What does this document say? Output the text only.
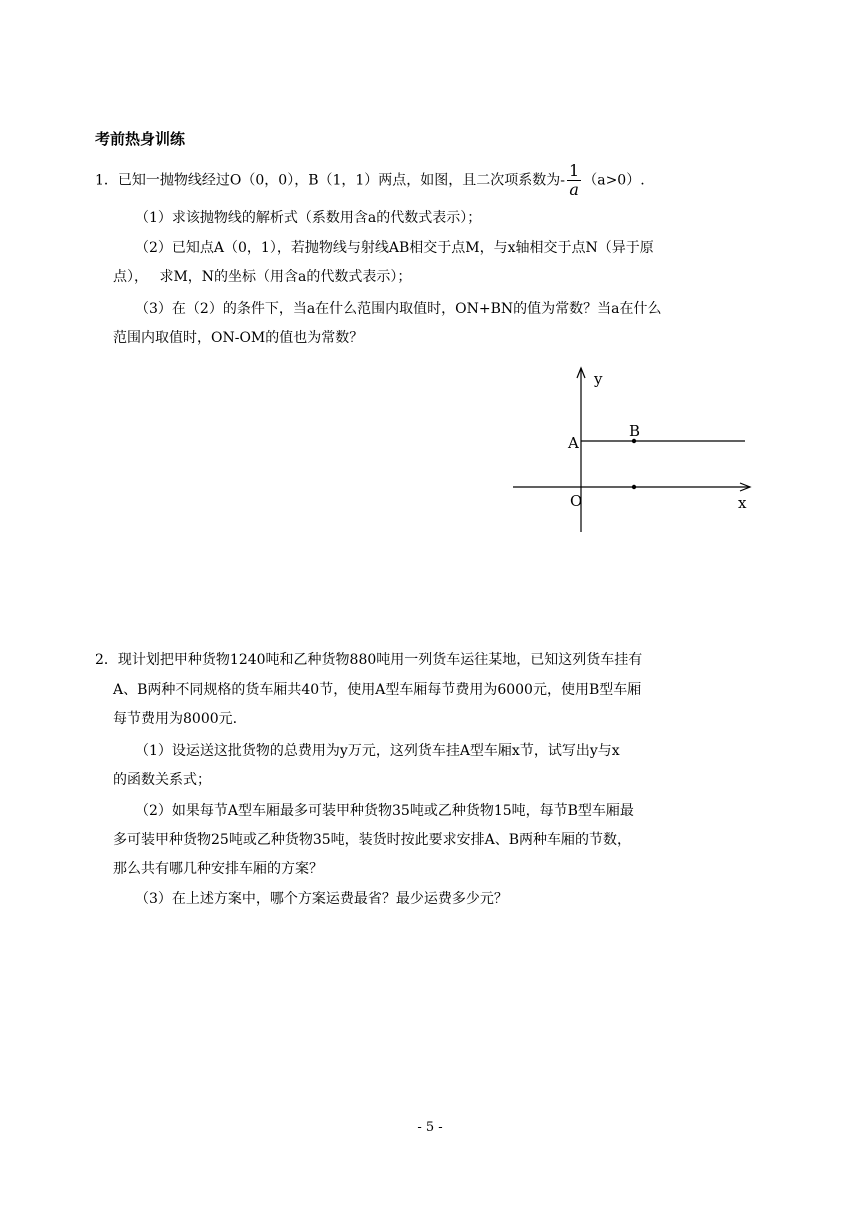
考前热身训练
1．已知一抛物线经过O（0，0），B（1，1）两点，如图，且二次项系数为- $\frac{1}{a} (a>0)$.
（1）求该抛物线的解析式（系数用含a的代数式表示）；
（2）已知点A（0，1），若抛物线与射线AB相交于点M，与x轴相交于点N（异于原
点），　 求M，N的坐标（用含a的代数式表示）；
（3）在（2）的条件下，当a在什么范围内取值时，ON+BN的值为常数？当a在什么
范围内取值时，ON-OM的值也为常数？
y
x
A
B
O
2．现计划把甲种货物1240吨和乙种货物880吨用一列货车运往某地，已知这列货车挂有
A、B两种不同规格的货车厢共40节，使用A型车厢每节费用为6000元，使用B型车厢
每节费用为8000元.
（1）设运送这批货物的总费用为y万元，这列货车挂A型车厢x节，试写出y与x
的函数关系式；
（2）如果每节A型车厢最多可装甲种货物35吨或乙种货物15吨，每节B型车厢最
多可装甲种货物25吨或乙种货物35吨，装货时按此要求安排A、B两种车厢的节数，
那么共有哪几种安排车厢的方案？
（3）在上述方案中，哪个方案运费最省？最少运费多少元？
- 5 -
